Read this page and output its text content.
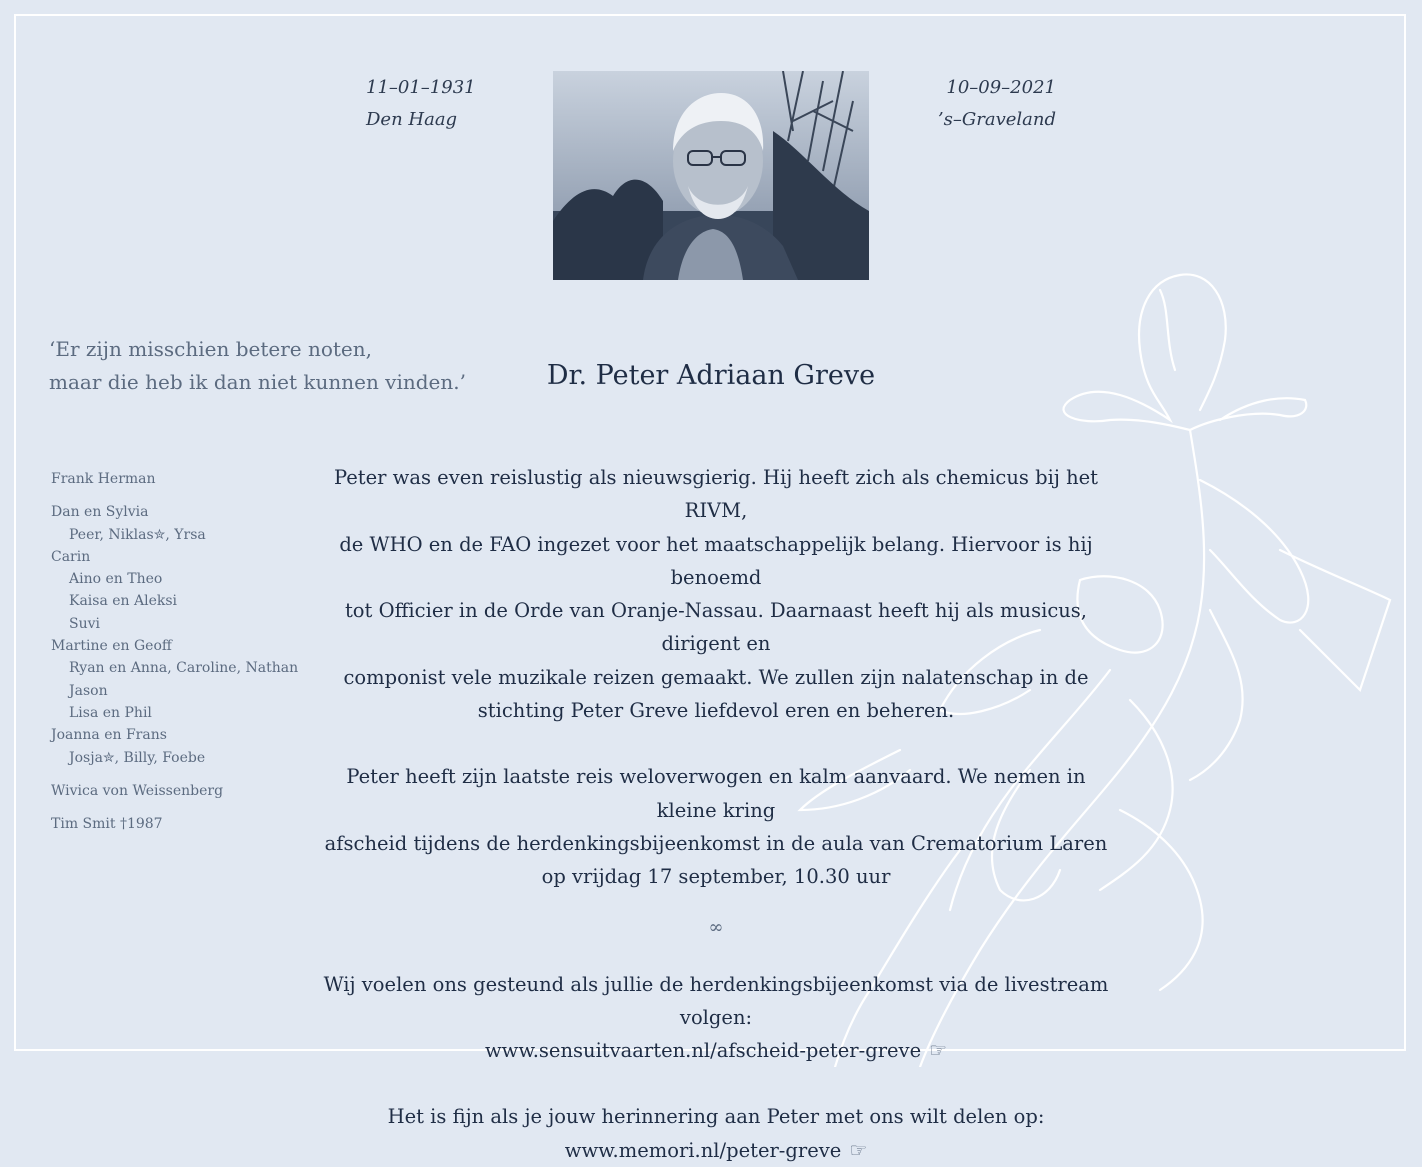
11–01–1931
Den Haag
10–09–2021
’s–Graveland
‘Er zijn misschien betere noten,
maar die heb ik dan niet kunnen vinden.’	Dr. Peter Adriaan Greve
Frank Herman
Dan en Sylvia
Peer, Niklas✮, Yrsa
Carin
Aino en Theo
Kaisa en Aleksi
Suvi
Martine en Geoff
Ryan en Anna, Caroline, Nathan
Jason
Lisa en Phil
Joanna en Frans
Josja✮, Billy, Foebe
Wivica von Weissenberg
Tim Smit †1987

Peter was even reislustig als nieuwsgierig. Hij heeft zich als chemicus bij het RIVM,

de WHO en de FAO ingezet voor het maatschappelijk belang. Hiervoor is hij benoemd

tot Officier in de Orde van Oranje-Nassau. Daarnaast heeft hij als musicus, dirigent en

componist vele muzikale reizen gemaakt. We zullen zijn nalatenschap in de

stichting Peter Greve liefdevol eren en beheren.

Peter heeft zijn laatste reis weloverwogen en kalm aanvaard. We nemen in kleine kring

afscheid tijdens de herdenkingsbijeenkomst in de aula van Crematorium Laren

op vrijdag 17 september, 10.30 uur

∞

Wij voelen ons gesteund als jullie de herdenkingsbijeenkomst via de livestream volgen:

www.sensuitvaarten.nl/afscheid-peter-greve ☞

Het is fijn als je jouw herinnering aan Peter met ons wilt delen op:

www.memori.nl/peter-greve ☞
